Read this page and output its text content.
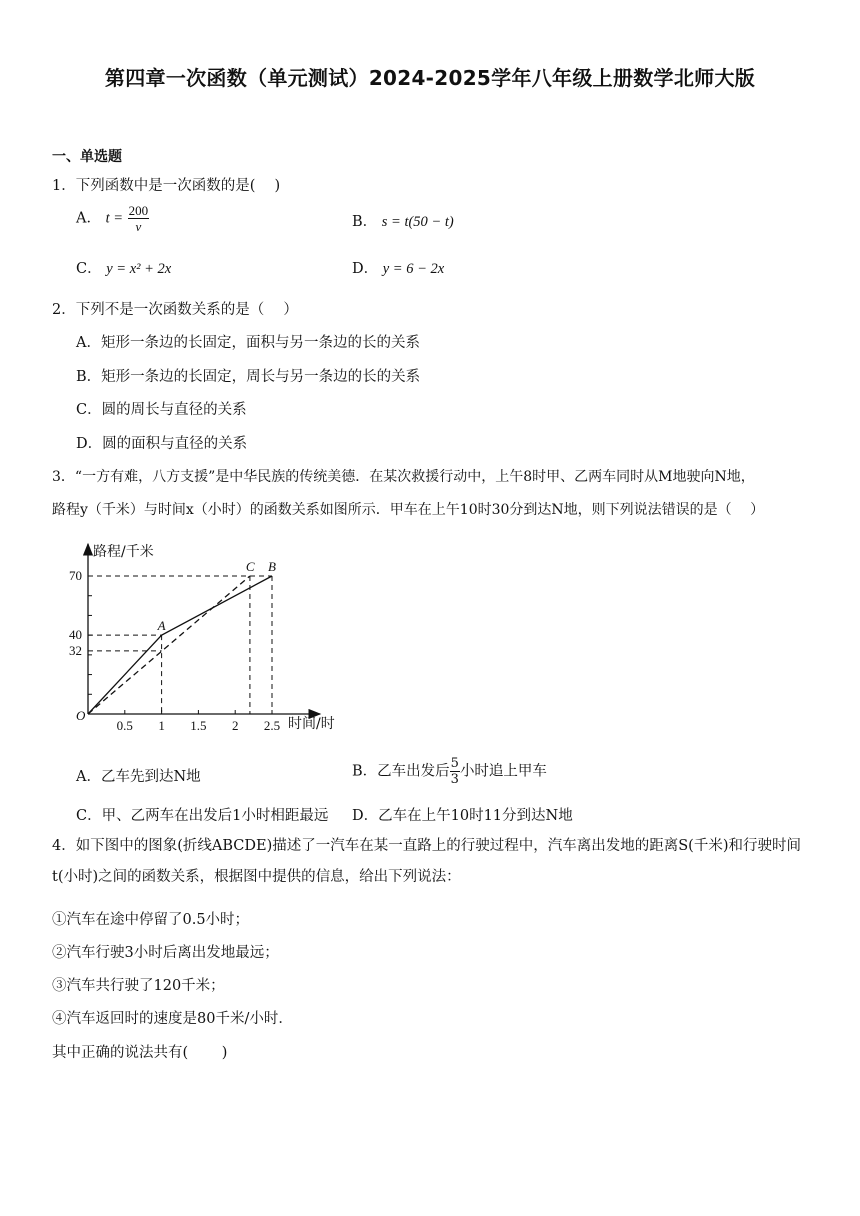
第四章一次函数（单元测试）2024-2025学年八年级上册数学北师大版
一、单选题
1．下列函数中是一次函数的是(　 )
A． $t = \frac{200}{v}$	B． s = t(50 − t)
C． y = x² + 2x	D． y = 6 − 2x
2．下列不是一次函数关系的是（　 ）
A．矩形一条边的长固定，面积与另一条边的长的关系
B．矩形一条边的长固定，周长与另一条边的长的关系
C．圆的周长与直径的关系
D．圆的面积与直径的关系
3．“一方有难，八方支援”是中华民族的传统美德．在某次救援行动中，上午8时甲、乙两车同时从M地驶向N地，
路程y（千米）与时间x（小时）的函数关系如图所示．甲车在上午10时30分到达N地，则下列说法错误的是（　 ）
路程/千米
时间/时
O
0.5 1 1.5 2 2.5
32
40
70
A
B
C
A．乙车先到达N地	B．乙车出发后 $\frac{5}{3}$ 小时追上甲车
C．甲、乙两车在出发后1小时相距最远 D．乙车在上午10时11分到达N地
4．如下图中的图象(折线ABCDE)描述了一汽车在某一直路上的行驶过程中，汽车离出发地的距离S(千米)和行驶时间t(小时)之间的函数关系，根据图中提供的信息，给出下列说法：
①汽车在途中停留了0.5小时；
②汽车行驶3小时后离出发地最远；
③汽车共行驶了120千米；
④汽车返回时的速度是80千米/小时．
其中正确的说法共有(　 　)
